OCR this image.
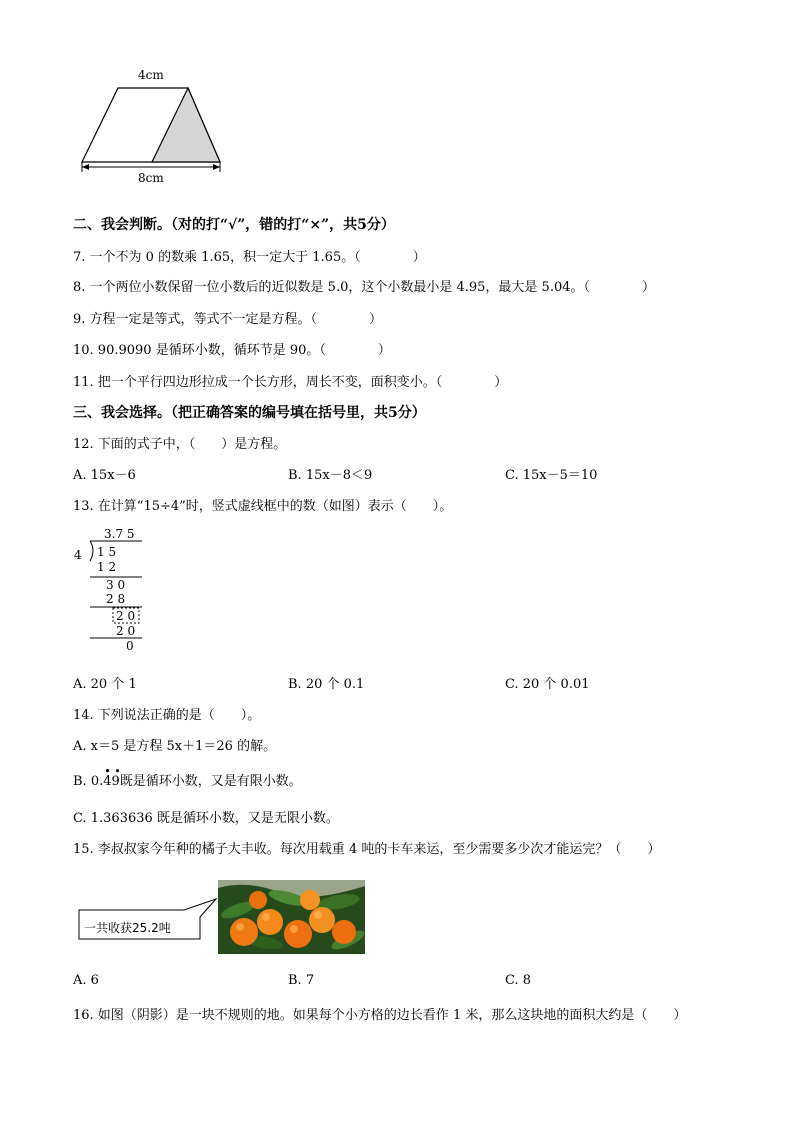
4cm
8cm
二、我会判断。（对的打“√”，错的打“×”，共5分）
7. 一个不为 0 的数乘 1.65，积一定大于 1.65。（　　　　）
8. 一个两位小数保留一位小数后的近似数是 5.0，这个小数最小是 4.95，最大是 5.04。（　　　　）
9. 方程一定是等式，等式不一定是方程。（　　　　）
10. 90.9090 是循环小数，循环节是 90。（　　　　）
11. 把一个平行四边形拉成一个长方形，周长不变，面积变小。（　　　　）
三、我会选择。（把正确答案的编号填在括号里，共5分）
12. 下面的式子中，（　　）是方程。
A. 15x－6	B. 15x－8＜9	C. 15x－5＝10
13. 在计算“15÷4”时，竖式虚线框中的数（如图）表示（　　）。
3.7 5
4 1 5
1 2
3 0
2 8
2 0
2 0
0
A. 20 个 1	B. 20 个 0.1	C. 20 个 0.01
14. 下列说法正确的是（　　）。
A. x＝5 是方程 5x＋1＝26 的解。
B. 0.49
• •
既是循环小数，又是有限小数。
C. 1.363636 既是循环小数，又是无限小数。
15. 李叔叔家今年种的橘子大丰收。每次用载重 4 吨的卡车来运，至少需要多少次才能运完？（　　）
一共收获25.2吨
A. 6	B. 7	C. 8
16. 如图（阴影）是一块不规则的地。如果每个小方格的边长看作 1 米，那么这块地的面积大约是（　　）
